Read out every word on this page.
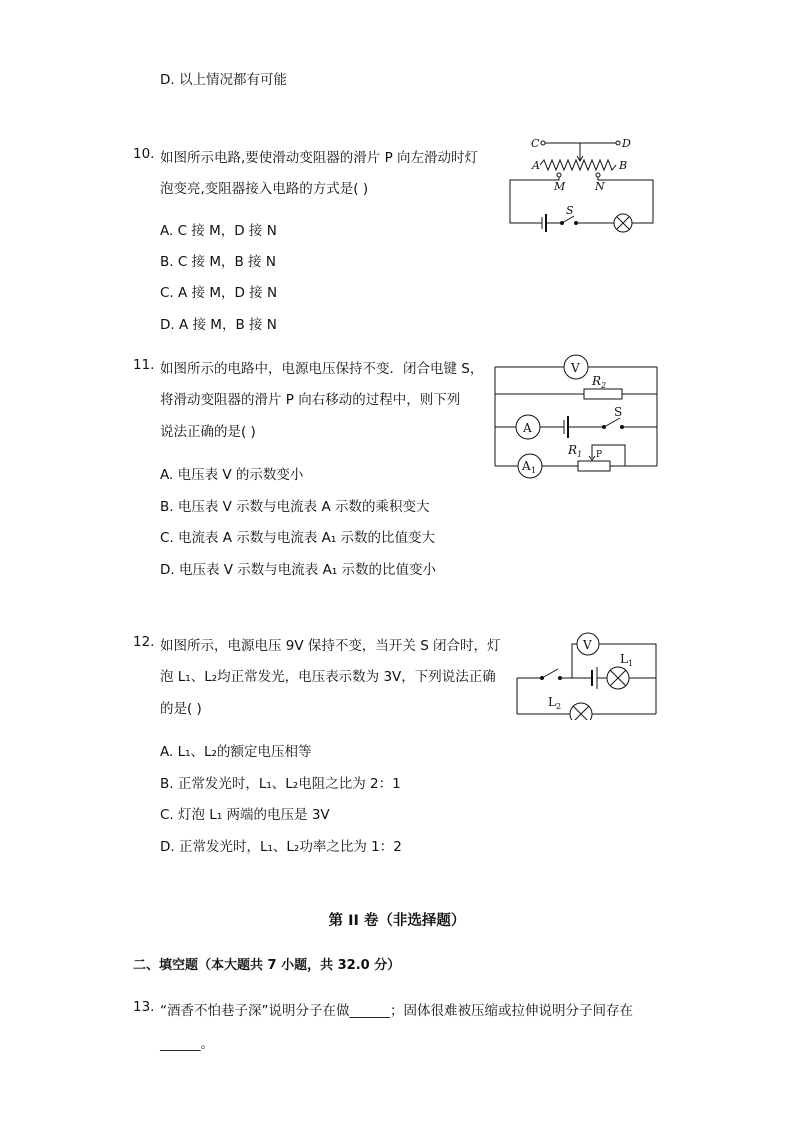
D. 以上情况都有可能
10. 如图所示电路,要使滑动变阻器的滑片 P 向左滑动时灯
泡变亮,变阻器接入电路的方式是( )
A. C 接 M，D 接 N
B. C 接 M，B 接 N
C. A 接 M，D 接 N
D. A 接 M，B 接 N
C	D
A	B
M	N
S
11. 如图所示的电路中，电源电压保持不变．闭合电键 S，
将滑动变阻器的滑片 P 向右移动的过程中，则下列
说法正确的是( )
A. 电压表 V 的示数变小
B. 电压表 V 示数与电流表 A 示数的乘积变大
C. 电流表 A 示数与电流表 A₁ 示数的比值变大
D. 电压表 V 示数与电流表 A₁ 示数的比值变小
V
R 2
A
S
A 1
R 1 P
12. 如图所示，电源电压 9V 保持不变，当开关 S 闭合时，灯
泡 L₁、L₂均正常发光，电压表示数为 3V，下列说法正确
的是( )
A. L₁、L₂的额定电压相等
B. 正常发光时，L₁、L₂电阻之比为 2：1
C. 灯泡 L₁ 两端的电压是 3V
D. 正常发光时，L₁、L₂功率之比为 1：2
V
L 1
L 2
第 II 卷（非选择题）
二、填空题（本大题共 7 小题，共 32.0 分）
13. “酒香不怕巷子深”说明分子在做______；固体很难被压缩或拉伸说明分子间存在
______。
